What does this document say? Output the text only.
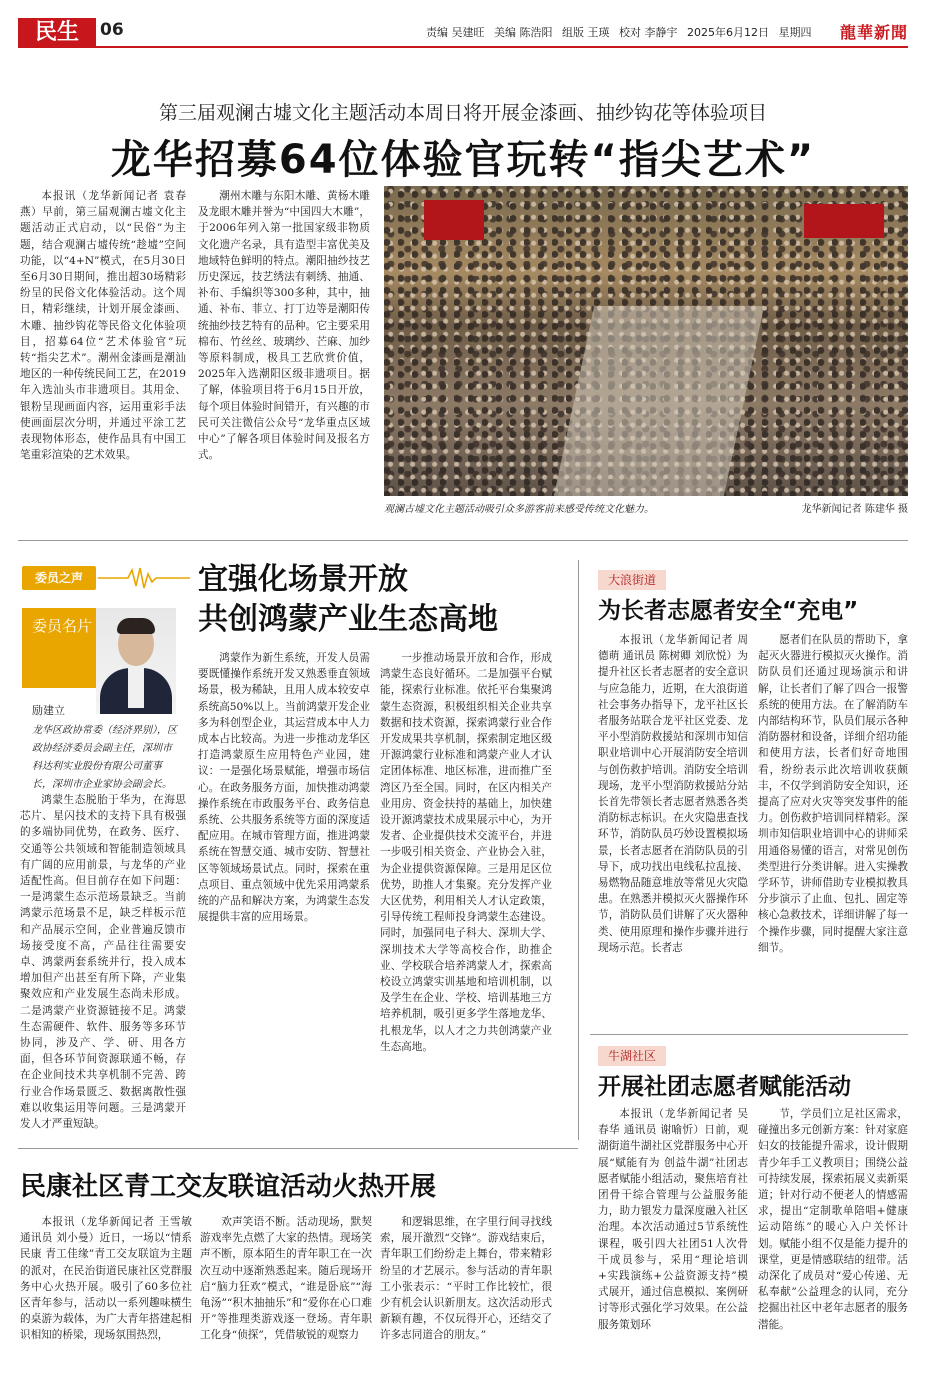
民生	06	责编 吴建旺 美编 陈浩阳 组版 王瑛 校对 李静宇 2025年6月12日 星期四	龍華新聞
第三届观澜古墟文化主题活动本周日将开展金漆画、抽纱钩花等体验项目
龙华招募64位体验官玩转“指尖艺术”
本报讯（龙华新闻记者 袁春燕）早前，第三届观澜古墟文化主题活动正式启动，以“民俗”为主题，结合观澜古墟传统“趁墟”空间功能，以“4+N”模式，在5月30日至6月30日期间，推出超30场精彩纷呈的民俗文化体验活动。这个周日，精彩继续，计划开展金漆画、木雕、抽纱钩花等民俗文化体验项目，招募64位“艺术体验官”玩转“指尖艺术”。潮州金漆画是潮汕地区的一种传统民间工艺，在2019年入选汕头市非遗项目。其用金、银粉呈现画面内容，运用重彩手法使画面层次分明，并通过平涂工艺表现物体形态，使作品具有中国工笔重彩渲染的艺术效果。
潮州木雕与东阳木雕、黄杨木雕及龙眼木雕并誉为“中国四大木雕”，于2006年列入第一批国家级非物质文化遗产名录，具有造型丰富优美及地域特色鲜明的特点。潮阳抽纱技艺历史深远，技艺绣法有刺绣、抽通、补布、手编织等300多种，其中，抽通、补布、菲立、打丁边等是潮阳传统抽纱技艺特有的品种。它主要采用棉布、竹丝丝、玻璃纱、芒麻、加纱等原料制成，极具工艺欣赏价值，2025年入选潮阳区级非遗项目。据了解，体验项目将于6月15日开放，每个项目体验时间错开，有兴趣的市民可关注微信公众号“龙华重点区域中心”了解各项目体验时间及报名方式。
观澜古墟文化主题活动吸引众多游客前来感受传统文化魅力。	龙华新闻记者 陈建华 摄
委员之声	宜强化场景开放
共创鸿蒙产业生态高地
委员名片
励建立
龙华区政协常委（经济界别），区政协经济委员会副主任，深圳市科达利实业股份有限公司董事长，深圳市企业家协会副会长。
鸿蒙生态脱胎于华为，在海思芯片、星闪技术的支持下具有极强的多端协同优势，在政务、医疗、交通等公共领域和智能制造领域具有广阔的应用前景，与龙华的产业适配性高。但目前存在如下问题：一是鸿蒙生态示范场景缺乏。当前鸿蒙示范场景不足，缺乏样板示范和产品展示空间，企业普遍反馈市场接受度不高，产品往往需要安卓、鸿蒙两套系统并行，投入成本增加但产出甚至有所下降，产业集聚效应和产业发展生态尚未形成。二是鸿蒙产业资源链接不足。鸿蒙生态需硬件、软件、服务等多环节协同，涉及产、学、研、用各方面，但各环节间资源联通不畅，存在企业间技术共享机制不完善、跨行业合作场景匮乏、数据离散性强难以收集运用等问题。三是鸿蒙开发人才严重短缺。
鸿蒙作为新生系统，开发人员需要既懂操作系统开发又熟悉垂直领域场景，极为稀缺，且用人成本较安卓系统高50%以上。当前鸿蒙开发企业多为科创型企业，其运营成本中人力成本占比较高。为进一步推动龙华区打造鸿蒙原生应用特色产业园，建议：一是强化场景赋能，增强市场信心。在政务服务方面，加快推动鸿蒙操作系统在市政服务平台、政务信息系统、公共服务系统等方面的深度适配应用。在城市管理方面，推进鸿蒙系统在智慧交通、城市安防、智慧社区等领域场景试点。同时，探索在重点项目、重点领域中优先采用鸿蒙系统的产品和解决方案，为鸿蒙生态发展提供丰富的应用场景。
一步推动场景开放和合作，形成鸿蒙生态良好循环。二是加强平台赋能，探索行业标准。依托平台集聚鸿蒙生态资源，积极组织相关企业共享数据和技术资源，探索鸿蒙行业合作开发成果共享机制，探索制定地区级开源鸿蒙行业标准和鸿蒙产业人才认定团体标准、地区标准，进而推广至湾区乃至全国。同时，在区内相关产业用房、资金扶持的基础上，加快建设开源鸿蒙技术成果展示中心，为开发者、企业提供技术交流平台，并进一步吸引相关资金、产业协会入驻，为企业提供资源保障。三是用足区位优势，助推人才集聚。充分发挥产业大区优势，利用相关人才认定政策，引导传统工程师投身鸿蒙生态建设。同时，加强同电子科大、深圳大学、深圳技术大学等高校合作，助推企业、学校联合培养鸿蒙人才，探索高校设立鸿蒙实训基地和培训机制，以及学生在企业、学校、培训基地三方培养机制，吸引更多学生落地龙华、扎根龙华，以人才之力共创鸿蒙产业生态高地。
大浪街道
为长者志愿者安全“充电”
本报讯（龙华新闻记者 周德萌 通讯员 陈树卿 刘欣悦）为提升社区长者志愿者的安全意识与应急能力，近期，在大浪街道社会事务办指导下，龙平社区长者服务站联合龙平社区党委、龙平小型消防救援站和深圳市知信职业培训中心开展消防安全培训与创伤救护培训。消防安全培训现场，龙平小型消防救援站分站长首先带领长者志愿者熟悉各类消防标志标识。在火灾隐患查找环节，消防队员巧妙设置模拟场景，长者志愿者在消防队员的引导下，成功找出电线私拉乱接、易燃物品随意堆放等常见火灾隐患。在熟悉并模拟灭火器操作环节，消防队员们讲解了灭火器种类、使用原理和操作步骤并进行现场示范。长者志
愿者们在队员的帮助下，拿起灭火器进行模拟灭火操作。消防队员们还通过现场演示和讲解，让长者们了解了四合一报警系统的使用方法。在了解消防车内部结构环节，队员们展示各种消防器材和设备，详细介绍功能和使用方法，长者们好奇地围看，纷纷表示此次培训收获颇丰，不仅学到消防安全知识，还提高了应对火灾等突发事件的能力。创伤救护培训同样精彩。深圳市知信职业培训中心的讲师采用通俗易懂的语言，对常见创伤类型进行分类讲解。进入实操教学环节，讲师借助专业模拟教具分步演示了止血、包扎、固定等核心急救技术，详细讲解了每一个操作步骤，同时提醒大家注意细节。
牛湖社区
开展社团志愿者赋能活动
本报讯（龙华新闻记者 吴春华 通讯员 谢喻忻）日前，观湖街道牛湖社区党群服务中心开展“赋能有为 创益牛湖”社团志愿者赋能小组活动，聚焦培育社团骨干综合管理与公益服务能力，助力银发力量深度融入社区治理。本次活动通过5节系统性课程，吸引四大社团51人次骨干成员参与，采用“理论培训+实践演练+公益资源支持”模式展开，通过信息模拟、案例研讨等形式强化学习效果。在公益服务策划环
节，学员们立足社区需求，碰撞出多元创新方案：针对家庭妇女的技能提升需求，设计假期青少年手工义教项目；围绕公益可持续发展，探索拓展义卖新渠道；针对行动不便老人的情感需求，提出“定制歌单陪唱+健康运动陪练”的暖心入户关怀计划。赋能小组不仅是能力提升的课堂，更是情感联结的纽带。活动深化了成员对“爱心传递、无私奉献”公益理念的认同，充分挖掘出社区中老年志愿者的服务潜能。
民康社区青工交友联谊活动火热开展
本报讯（龙华新闻记者 王雪敏 通讯员 刘小曼）近日，一场以“情系民康 青工佳缘”青工交友联谊为主题的派对，在民治街道民康社区党群服务中心火热开展。吸引了60多位社区青年参与，活动以一系列趣味横生的桌游为载体，为广大青年搭建起相识相知的桥梁，现场氛围热烈，
欢声笑语不断。活动现场，默契游戏率先点燃了大家的热情。现场笑声不断，原本陌生的青年职工在一次次互动中逐渐熟悉起来。随后现场开启“脑力狂欢”模式，“谁是卧底”“海龟汤”“积木抽抽乐”和“爱你在心口难开”等推理类游戏逐一登场。青年职工化身“侦探”，凭借敏锐的观察力
和逻辑思维，在字里行间寻找线索，展开激烈“交锋”。游戏结束后，青年职工们纷纷走上舞台，带来精彩纷呈的才艺展示。参与活动的青年职工小张表示：“平时工作比较忙，很少有机会认识新朋友。这次活动形式新颖有趣，不仅玩得开心，还结交了许多志同道合的朋友。”
